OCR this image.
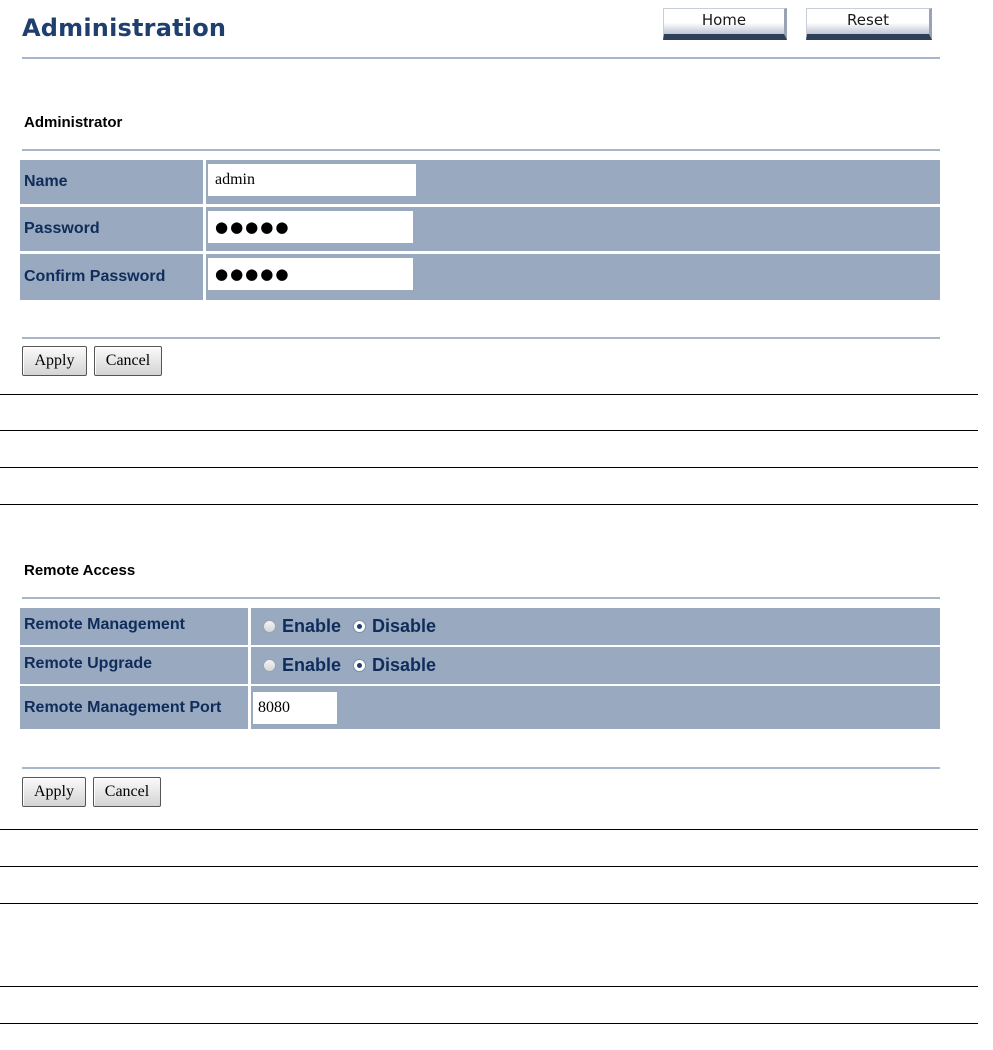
Administration	Home	Reset
Administrator
Name	admin
Password	●●●●●
Confirm Password	●●●●●
Apply	Cancel
Remote Access
Remote Management	Enable Disable
Remote Upgrade	Enable Disable
Remote Management Port	8080
Apply	Cancel
